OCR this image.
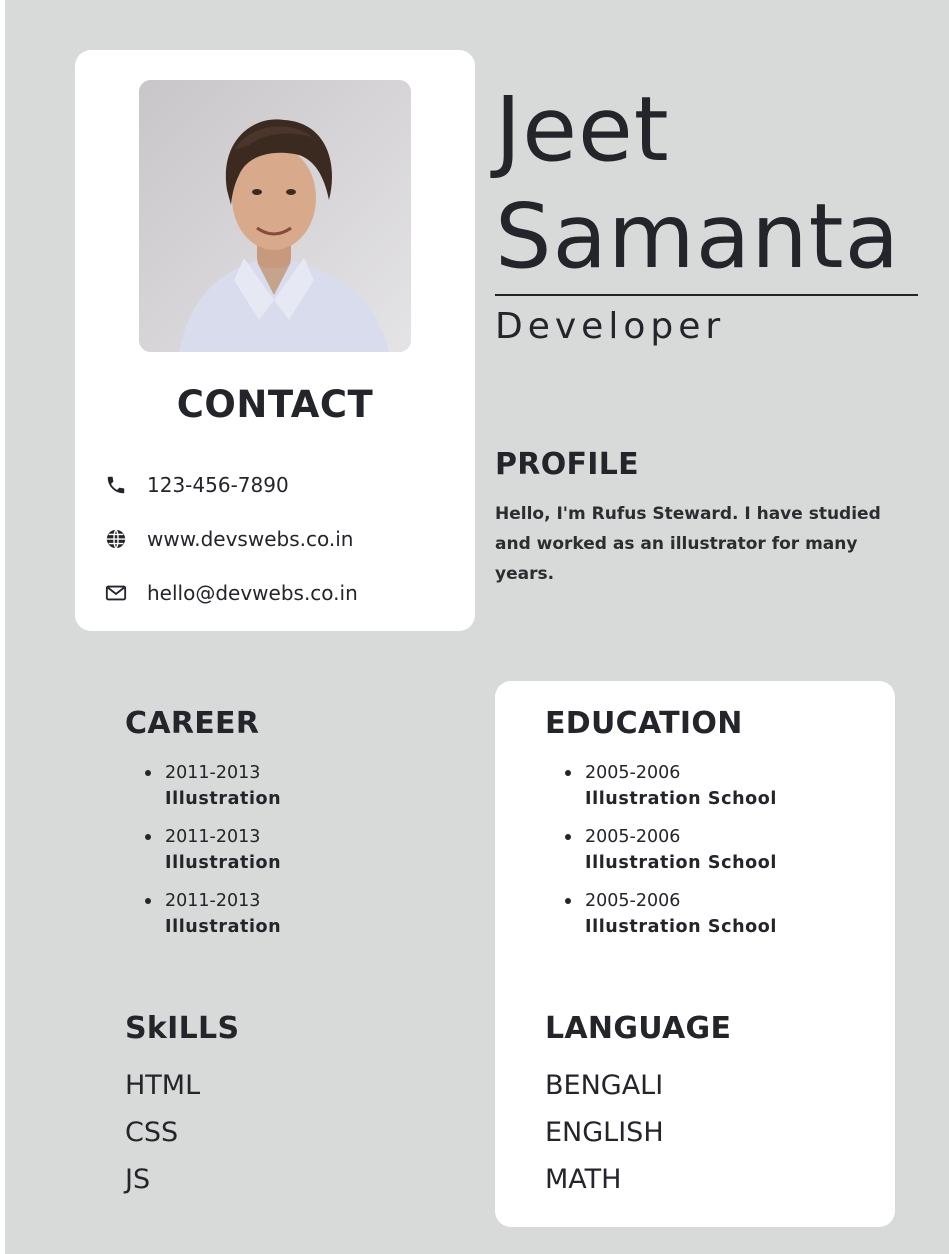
CONTACT
123-456-7890
www.devswebs.co.in
hello@devwebs.co.in
Jeet
Samanta
Developer
PROFILE
Hello, I'm Rufus Steward. I have studied and worked as an illustrator for many years.
CAREER
2011-2013
Illustration
2011-2013
Illustration
2011-2013
Illustration
EDUCATION
2005-2006
Illustration School
2005-2006
Illustration School
2005-2006
Illustration School
SkILLS
HTML
CSS
JS
LANGUAGE
BENGALI
ENGLISH
MATH
